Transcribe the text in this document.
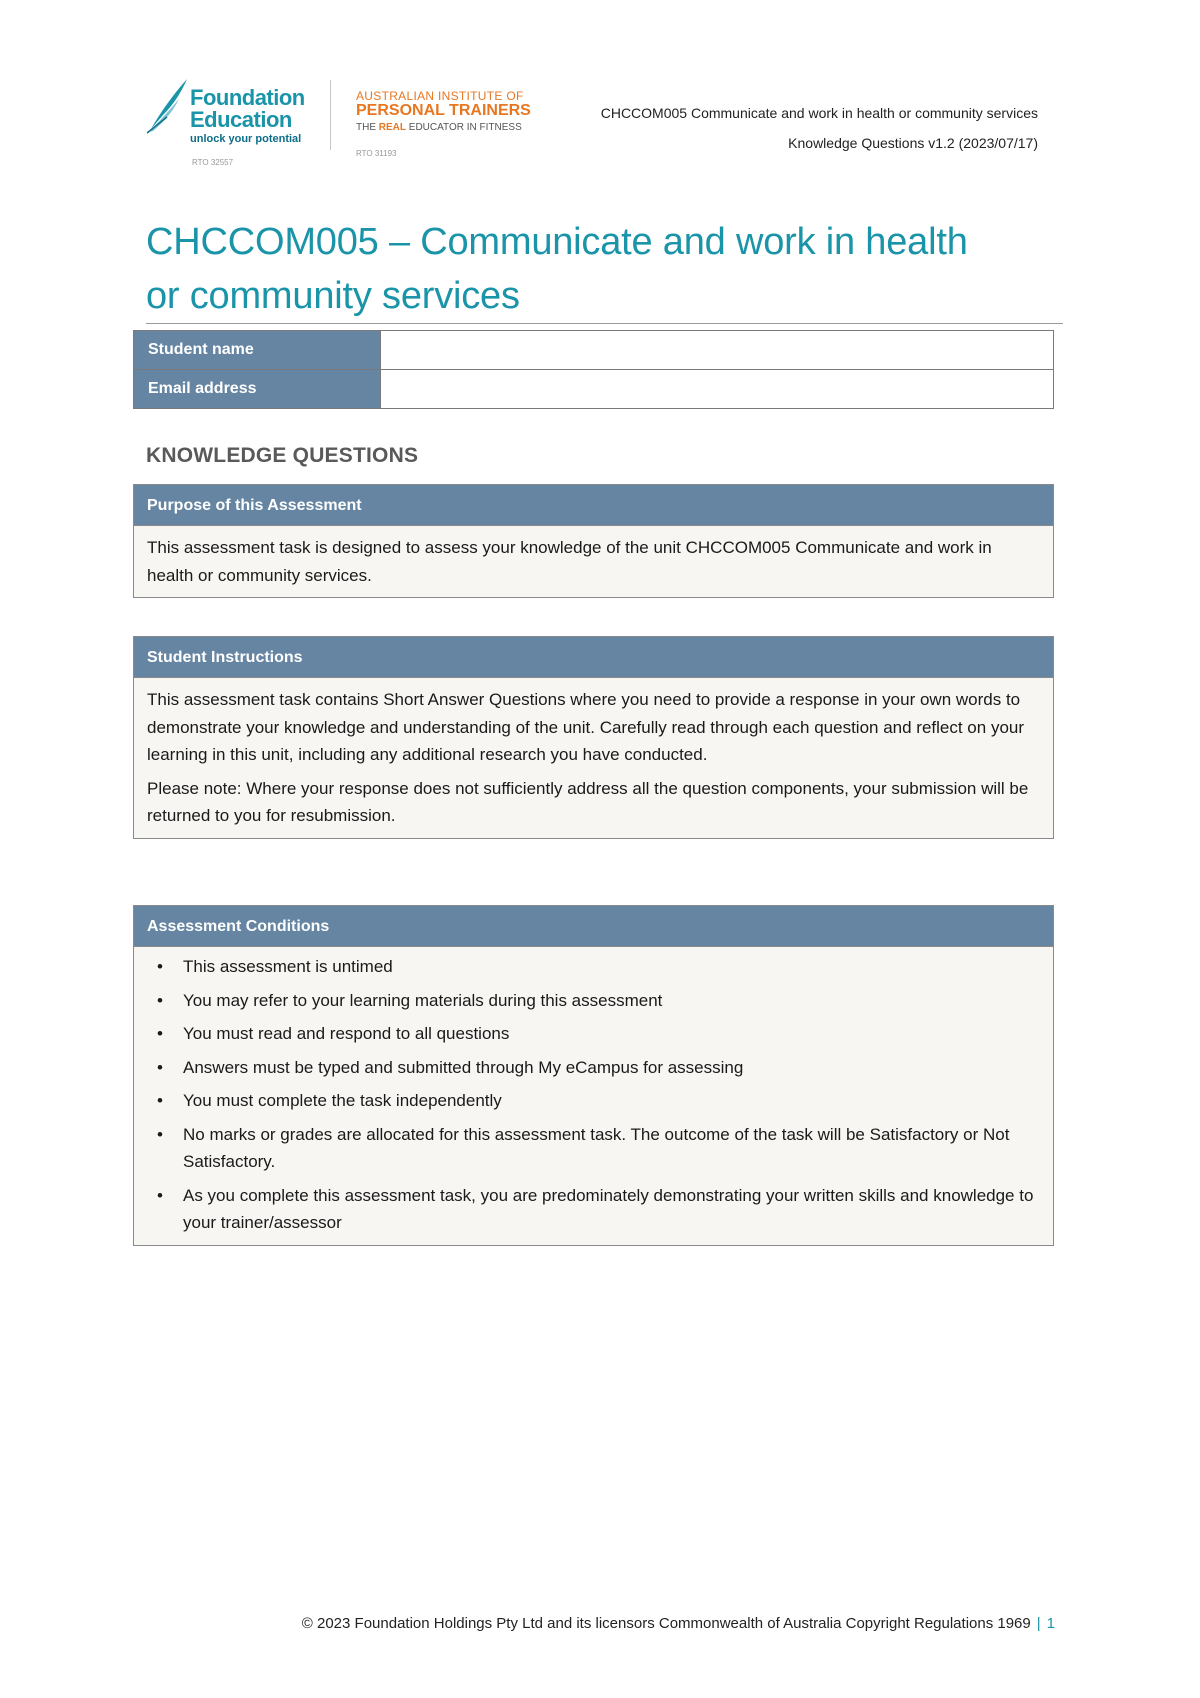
Foundation
Education
unlock your potential
RTO 32557
AUSTRALIAN INSTITUTE OF
PERSONAL TRAINERS
THE REAL EDUCATOR IN FITNESS
RTO 31193
CHCCOM005 Communicate and work in health or community services
Knowledge Questions v1.2 (2023/07/17)
CHCCOM005 – Communicate and work in health
or community services
Student name	
Email address	
KNOWLEDGE QUESTIONS
Purpose of this Assessment

This assessment task is designed to assess your knowledge of the unit CHCCOM005 Communicate and work in health or community services.

Student Instructions

This assessment task contains Short Answer Questions where you need to provide a response in your own words to demonstrate your knowledge and understanding of the unit. Carefully read through each question and reflect on your learning in this unit, including any additional research you have conducted.

Please note: Where your response does not sufficiently address all the question components, your submission will be returned to you for resubmission.

Assessment Conditions
• This assessment is untimed
• You may refer to your learning materials during this assessment
• You must read and respond to all questions
• Answers must be typed and submitted through My eCampus for assessing
• You must complete the task independently
• No marks or grades are allocated for this assessment task. The outcome of the task will be Satisfactory or Not Satisfactory.
• As you complete this assessment task, you are predominately demonstrating your written skills and knowledge to your trainer/assessor
© 2023 Foundation Holdings Pty Ltd and its licensors Commonwealth of Australia Copyright Regulations 1969 | 1
